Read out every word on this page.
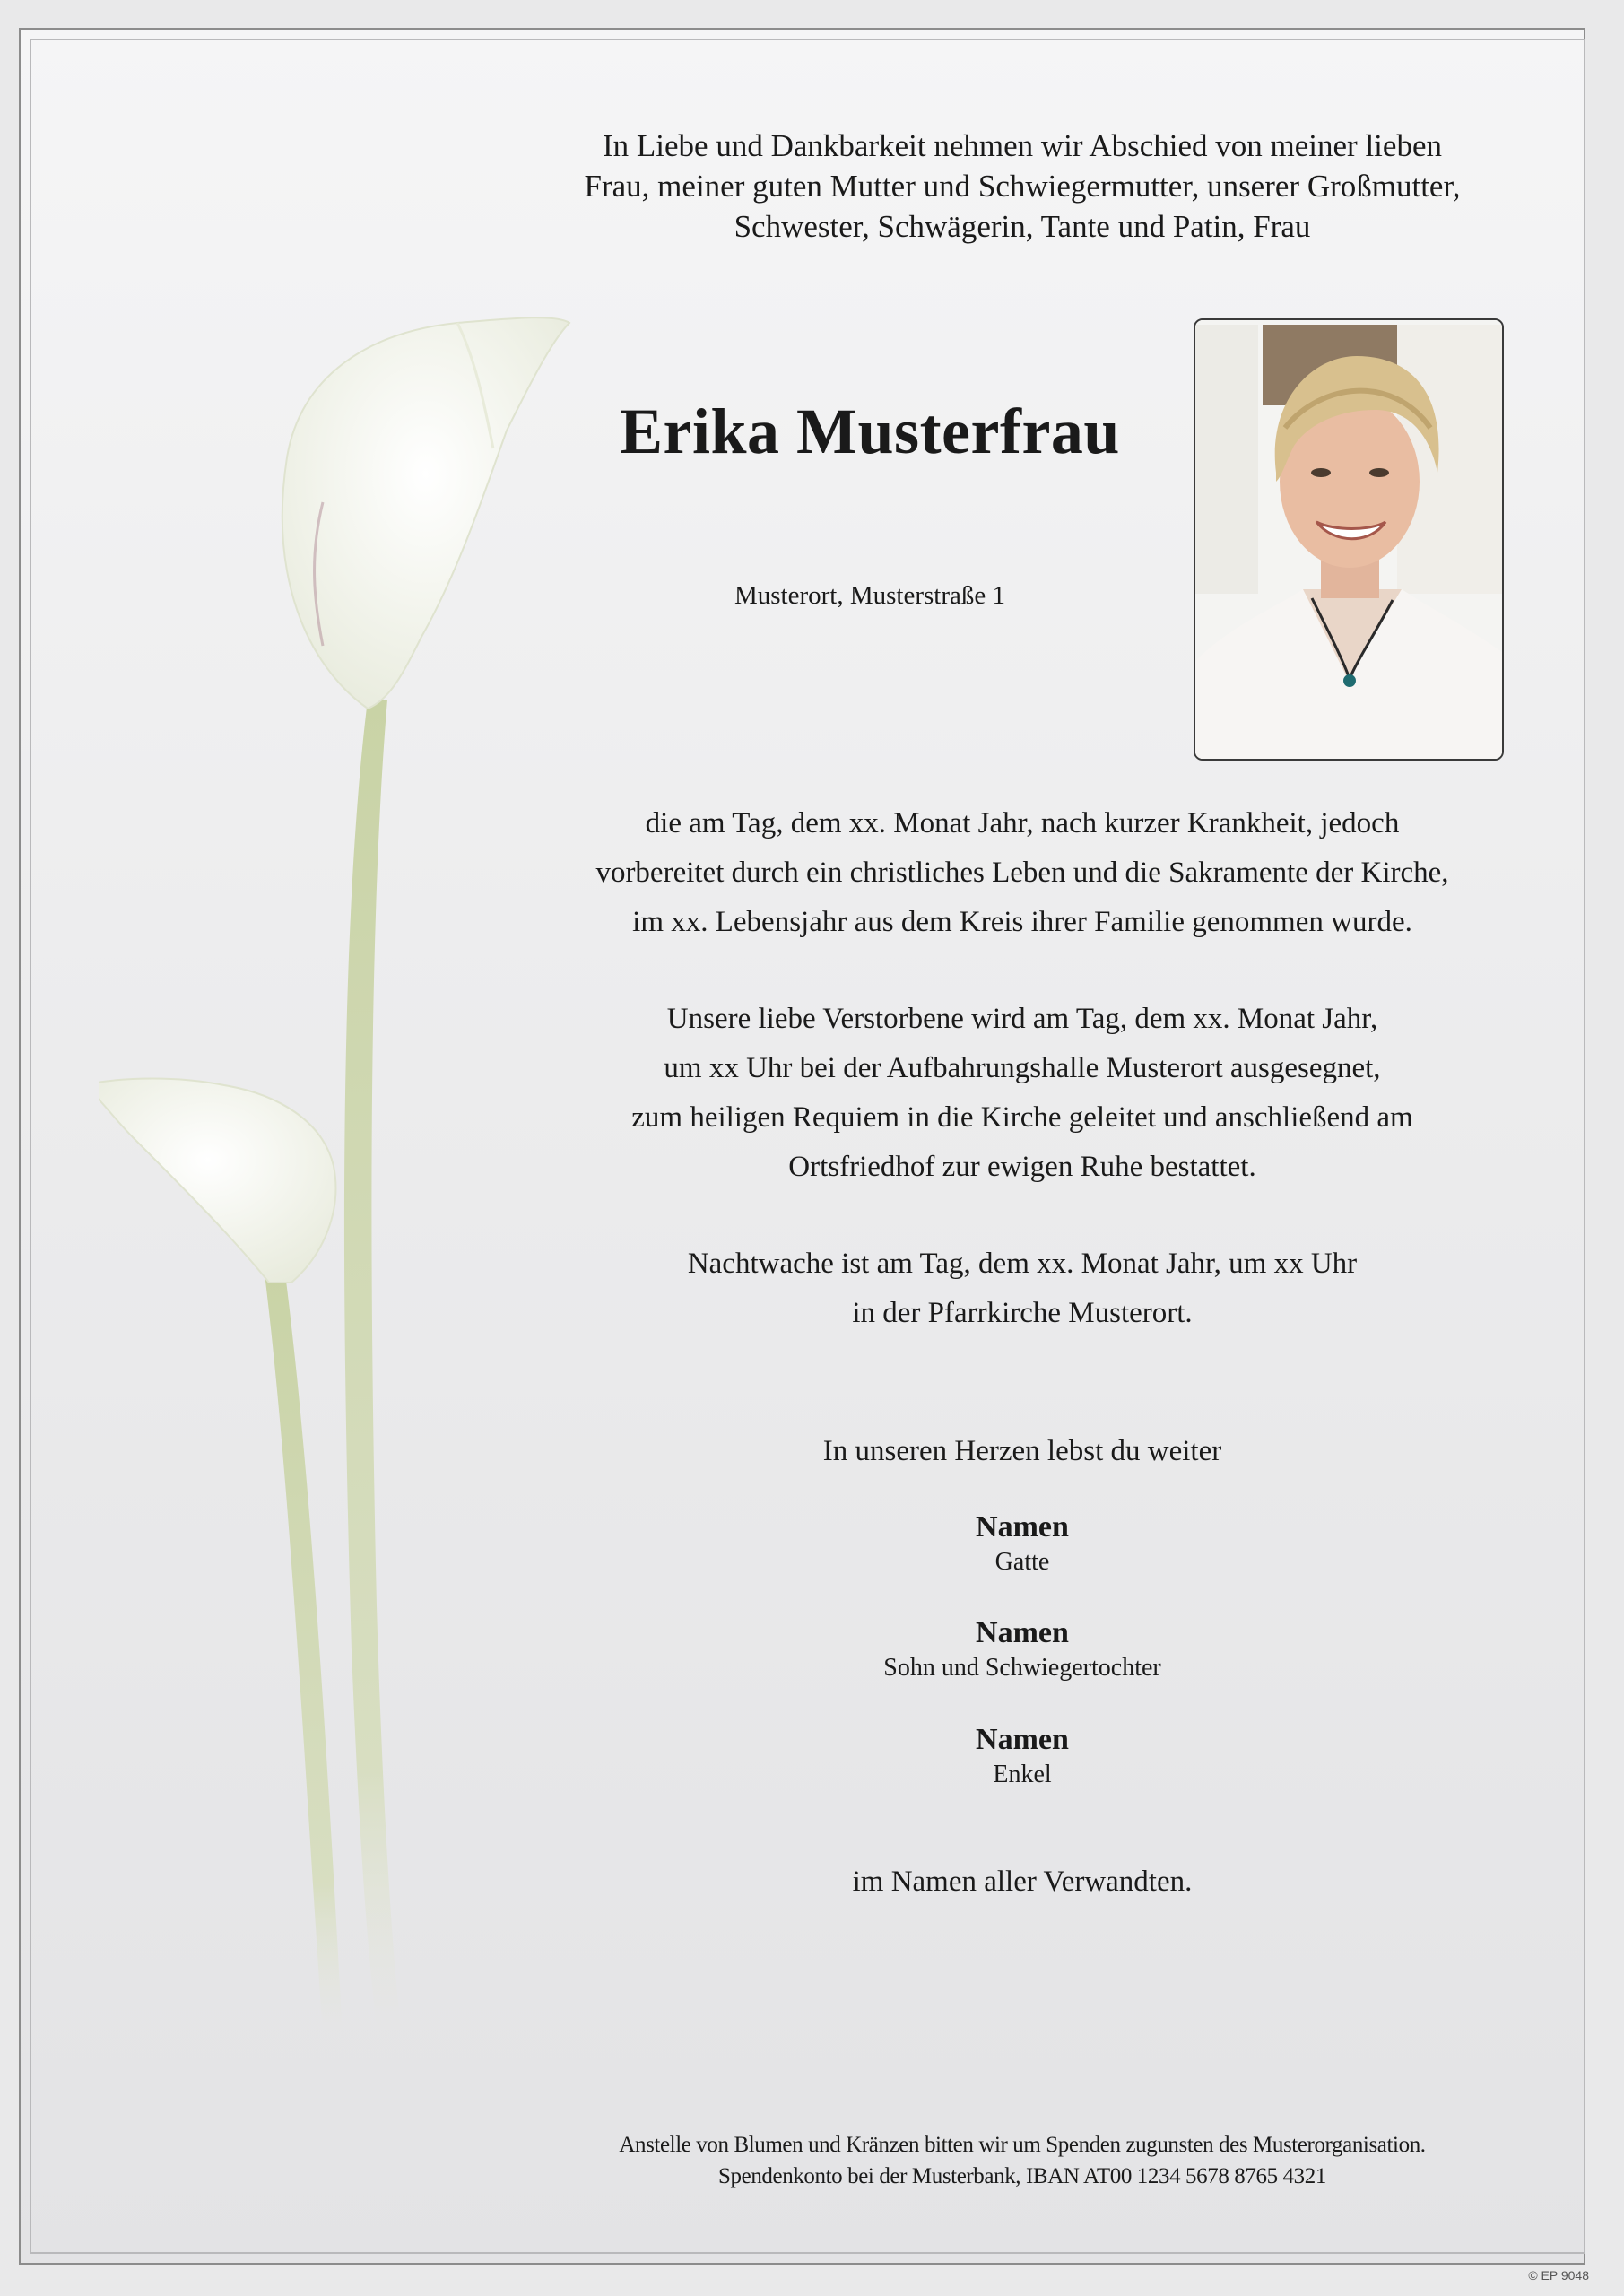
In Liebe und Dankbarkeit nehmen wir Abschied von meiner lieben
Frau, meiner guten Mutter und Schwiegermutter, unserer Großmutter,
Schwester, Schwägerin, Tante und Patin, Frau
Erika Musterfrau
Musterort, Musterstraße 1
die am Tag, dem xx. Monat Jahr, nach kurzer Krankheit, jedoch
vorbereitet durch ein christliches Leben und die Sakramente der Kirche,
im xx. Lebensjahr aus dem Kreis ihrer Familie genommen wurde.
Unsere liebe Verstorbene wird am Tag, dem xx. Monat Jahr,
um xx Uhr bei der Aufbahrungshalle Musterort ausgesegnet,
zum heiligen Requiem in die Kirche geleitet und anschließend am
Ortsfriedhof zur ewigen Ruhe bestattet.
Nachtwache ist am Tag, dem xx. Monat Jahr, um xx Uhr
in der Pfarrkirche Musterort.
In unseren Herzen lebst du weiter
Namen
Gatte
Namen
Sohn und Schwiegertochter
Namen
Enkel
im Namen aller Verwandten.
Anstelle von Blumen und Kränzen bitten wir um Spenden zugunsten des Musterorganisation.
Spendenkonto bei der Musterbank, IBAN AT00 1234 5678 8765 4321
© EP 9048
